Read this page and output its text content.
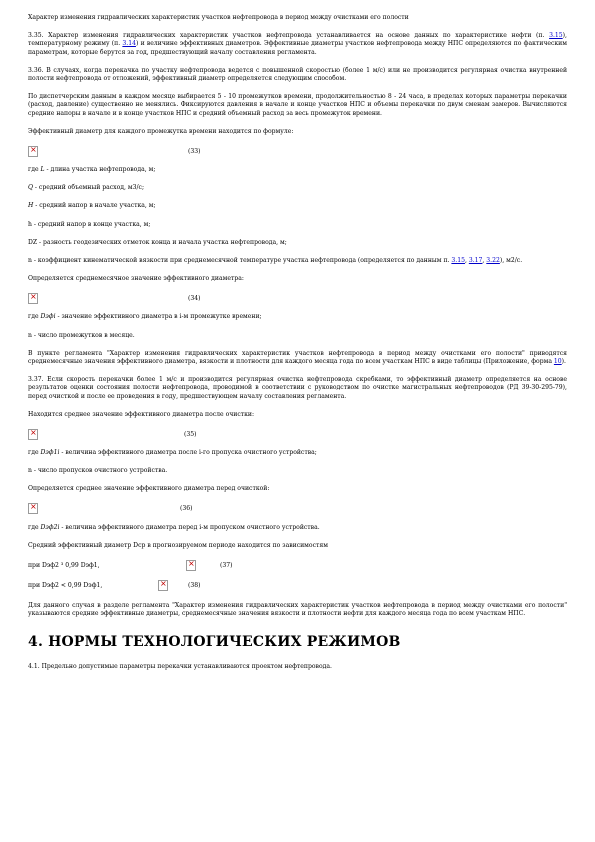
Характер изменения гидравлических характеристик участков нефтепровода в период между очистками его полости

3.35. Характер изменения гидравлических характеристик участков нефтепровода устанавливается на основе данных по характеристике нефти (п. 3.15), температурному режиму (п. 3.14) и величине эффективных диаметров. Эффективные диаметры участков нефтепровода между НПС определяются по фактическим параметрам, которые берутся за год, предшествующий началу составления регламента.

3.36. В случаях, когда перекачка по участку нефтепровода ведется с повышенной скоростью (более 1 м/с) или не производится регулярная очистка внутренней полости нефтепровода от отложений, эффективный диаметр определяется следующим способом.

По диспетчерским данным в каждом месяце выбирается 5 - 10 промежутков времени, продолжительностью 8 - 24 часа, в пределах которых параметры перекачки (расход, давление) существенно не менялись. Фиксируются давления в начале и конце участков НПС и объемы перекачки по двум сменам замеров. Вычисляются средние напоры в начале и в конце участков НПС и средний объемный расход за весь промежуток времени.

Эффективный диаметр для каждого промежутка времени находится по формуле:

×
(33)

где L - длина участка нефтепровода, м;

Q - средний объемный расход, м3/с;

H - средний напор в начале участка, м;

h - средний напор в конце участка, м;

DZ - разность геодезических отметок конца и начала участка нефтепровода, м;

n - коэффициент кинематической вязкости при среднемесячной температуре участка нефтепровода (определяется по данным п. 3.15, 3.17, 3.22), м2/с.

Определяется среднемесячное значение эффективного диаметра:

×
(34)

где Dэфi - значение эффективного диаметра в i-м промежутке времени;

n - число промежутков в месяце.

В пункте регламента "Характер изменения гидравлических характеристик участков нефтепровода в период между очистками его полости" приводятся среднемесячные значения эффективного диаметра, вязкости и плотности для каждого месяца года по всем участкам НПС в виде таблицы (Приложение, форма 10).

3.37. Если скорость перекачки более 1 м/с и производится регулярная очистка нефтепровода скребками, то эффективный диаметр определяется на основе результатов оценки состояния полости нефтепровода, проводимой в соответствии с руководством по очистке магистральных нефтепроводов (РД 39-30-295-79), перед очисткой и после ее проведения в году, предшествующем началу составления регламента.

Находится среднее значение эффективного диаметра после очистки:

×
(35)

где Dэф1i - величина эффективного диаметра после i-го пропуска очистного устройства;

n - число пропусков очистного устройства.

Определяется среднее значение эффективного диаметра перед очисткой:

×
(36)

где Dэф2i - величина эффективного диаметра перед i-м пропуском очистного устройства.

Средний эффективный диаметр Dcp в прогнозируемом периоде находится по зависимостям

при Dэф2 ³ 0,99 Dэф1, ×	(37)
при Dэф2 < 0,99 Dэф1, ×	(38)

Для данного случая в разделе регламента "Характер изменения гидравлических характеристик участков нефтепровода в период между очистками его полости" указываются средние эффективные диаметры, среднемесячные значения вязкости и плотности нефти для каждого месяца года по всем участкам НПС.

4. НОРМЫ ТЕХНОЛОГИЧЕСКИХ РЕЖИМОВ

4.1. Предельно допустимые параметры перекачки устанавливаются проектом нефтепровода.
